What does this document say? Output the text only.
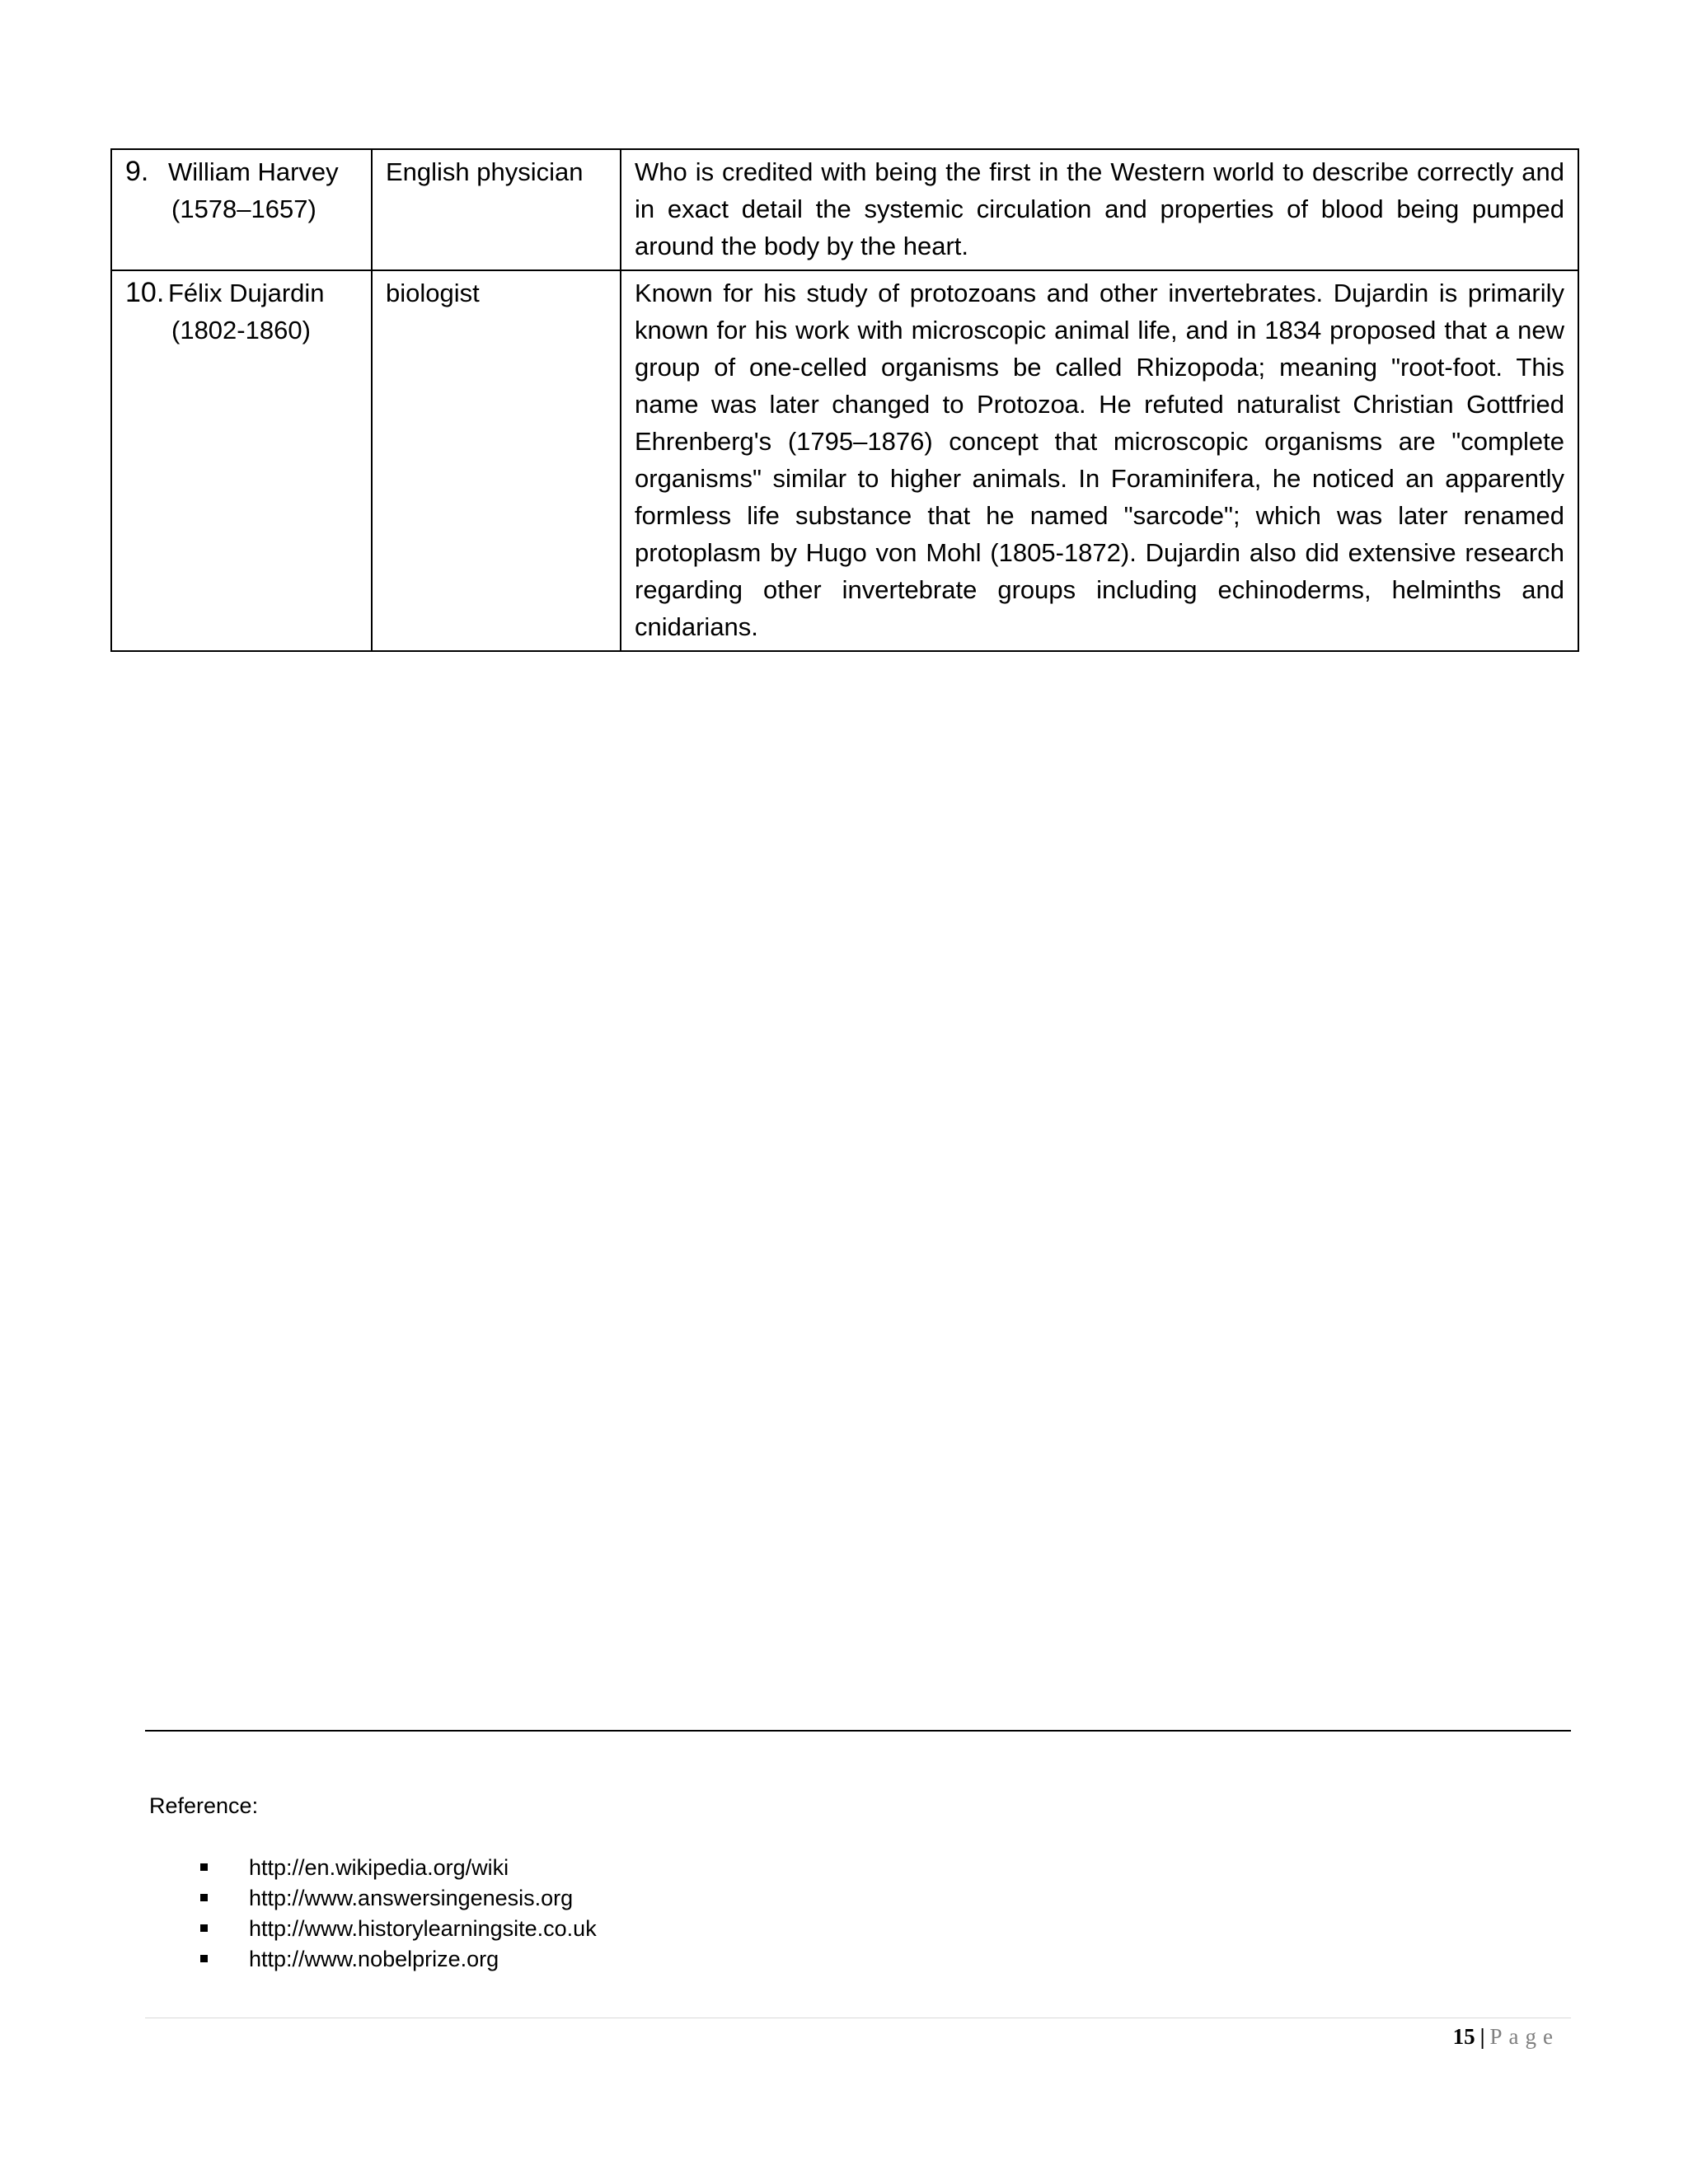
9. William Harvey
(1578–1657)	English physician	Who is credited with being the first in the Western world to describe correctly and in exact detail the systemic circulation and properties of blood being pumped around the body by the heart.
10. Félix Dujardin
(1802-1860)	biologist	Known for his study of protozoans and other invertebrates. Dujardin is primarily known for his work with microscopic animal life, and in 1834 proposed that a new group of one-celled organisms be called Rhizopoda; meaning "root-foot. This name was later changed to Protozoa. He refuted naturalist Christian Gottfried Ehrenberg's (1795–1876) concept that microscopic organisms are "complete organisms" similar to higher animals. In Foraminifera, he noticed an apparently formless life substance that he named "sarcode"; which was later renamed protoplasm by Hugo von Mohl (1805-1872). Dujardin also did extensive research regarding other invertebrate groups including echinoderms, helminths and cnidarians.
Reference:
http://en.wikipedia.org/wiki
http://www.answersingenesis.org
http://www.historylearningsite.co.uk
http://www.nobelprize.org
15 | Page
